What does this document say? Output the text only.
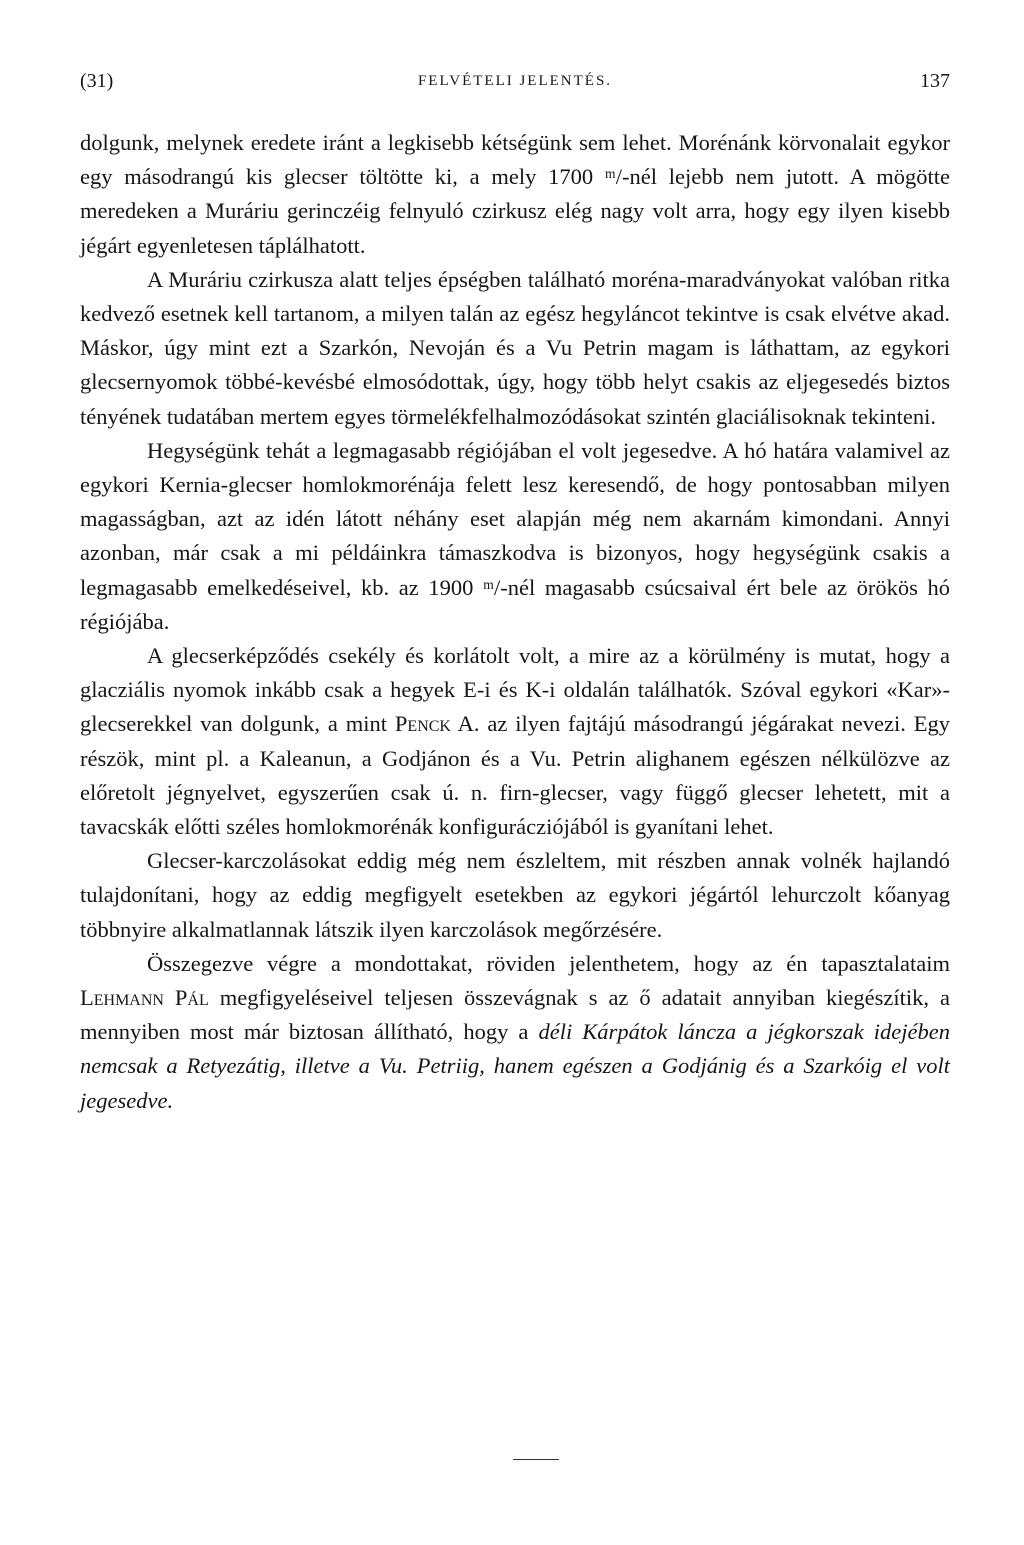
(31)	FELVÉTELI JELENTÉS.	137

dolgunk, melynek eredete iránt a legkisebb kétségünk sem lehet. Morénánk körvonalait egykor egy másodrangú kis glecser töltötte ki, a mely 1700 ᵐ/-nél lejebb nem jutott. A mögötte meredeken a Muráriu gerinczéig felnyuló czirkusz elég nagy volt arra, hogy egy ilyen kisebb jégárt egyenletesen táplálhatott.

A Muráriu czirkusza alatt teljes épségben található moréna-maradványokat valóban ritka kedvező esetnek kell tartanom, a milyen talán az egész hegyláncot tekintve is csak elvétve akad. Máskor, úgy mint ezt a Szarkón, Nevoján és a Vu Petrin magam is láthattam, az egykori glecsernyomok többé-kevésbé elmosódottak, úgy, hogy több helyt csakis az eljegesedés biztos tényének tudatában mertem egyes törmelékfelhalmozódásokat szintén glaciálisoknak tekinteni.

Hegységünk tehát a legmagasabb régiójában el volt jegesedve. A hó határa valamivel az egykori Kernia-glecser homlokmorénája felett lesz keresendő, de hogy pontosabban milyen magasságban, azt az idén látott néhány eset alapján még nem akarnám kimondani. Annyi azonban, már csak a mi példáinkra támaszkodva is bizonyos, hogy hegységünk csakis a legmagasabb emelkedéseivel, kb. az 1900 ᵐ/-nél magasabb csúcsaival ért bele az örökös hó régiójába.

A glecserképződés csekély és korlátolt volt, a mire az a körülmény is mutat, hogy a glacziális nyomok inkább csak a hegyek E-i és K-i oldalán találhatók. Szóval egykori «Kar»-glecserekkel van dolgunk, a mint Penck A. az ilyen fajtájú másodrangú jégárakat nevezi. Egy részök, mint pl. a Kaleanun, a Godjánon és a Vu. Petrin alighanem egészen nélkülözve az előretolt jégnyelvet, egyszerűen csak ú. n. firn-glecser, vagy függő glecser lehetett, mit a tavacskák előtti széles homlokmorénák konfigurácziójából is gyanítani lehet.

Glecser-karczolásokat eddig még nem észleltem, mit részben annak volnék hajlandó tulajdonítani, hogy az eddig megfigyelt esetekben az egykori jégártól lehurczolt kőanyag többnyire alkalmatlannak látszik ilyen karczolások megőrzésére.

Összegezve végre a mondottakat, röviden jelenthetem, hogy az én tapasztalataim Lehmann Pál megfigyeléseivel teljesen összevágnak s az ő adatait annyiban kiegészítik, a mennyiben most már biztosan állítható, hogy a déli Kárpátok láncza a jégkorszak idejében nemcsak a Retyezátig, illetve a Vu. Petriig, hanem egészen a Godjánig és a Szarkóig el volt jegesedve.
